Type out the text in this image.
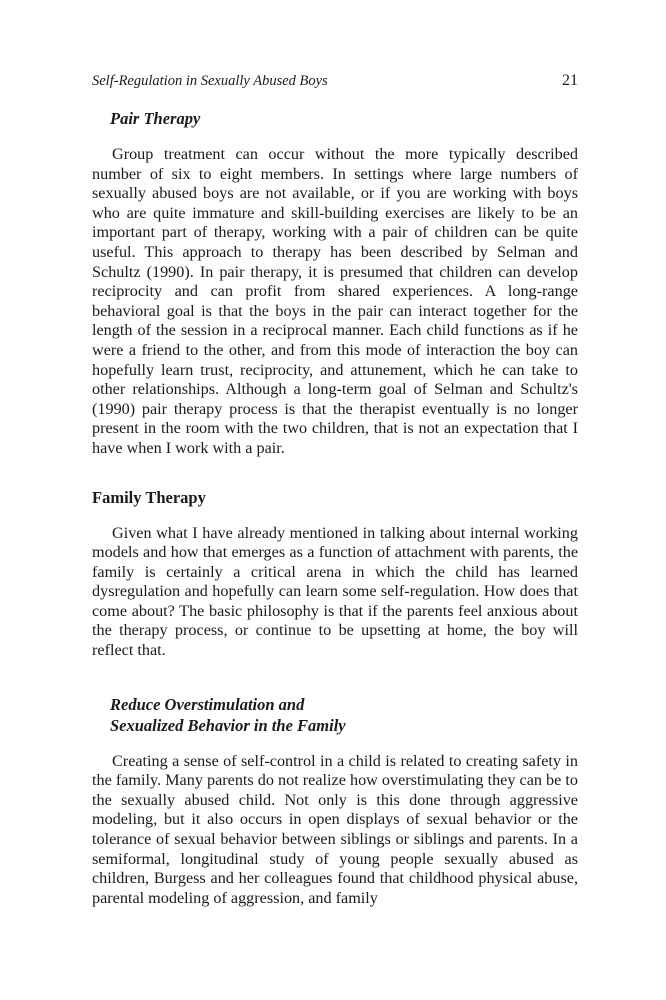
Self-Regulation in Sexually Abused Boys	21
Pair Therapy

Group treatment can occur without the more typically described number of six to eight members. In settings where large numbers of sexually abused boys are not available, or if you are working with boys who are quite immature and skill-building exercises are likely to be an important part of therapy, working with a pair of children can be quite useful. This approach to therapy has been described by Selman and Schultz (1990). In pair therapy, it is presumed that children can develop reciprocity and can profit from shared experiences. A long-range behavioral goal is that the boys in the pair can interact together for the length of the session in a reciprocal manner. Each child functions as if he were a friend to the other, and from this mode of interaction the boy can hopefully learn trust, reciprocity, and attunement, which he can take to other relationships. Although a long-term goal of Selman and Schultz's (1990) pair therapy process is that the therapist eventually is no longer present in the room with the two children, that is not an expectation that I have when I work with a pair.

Family Therapy

Given what I have already mentioned in talking about internal working models and how that emerges as a function of attachment with parents, the family is certainly a critical arena in which the child has learned dysregulation and hopefully can learn some self-regulation. How does that come about? The basic philosophy is that if the parents feel anxious about the therapy process, or continue to be upsetting at home, the boy will reflect that.

Reduce Overstimulation and
Sexualized Behavior in the Family

Creating a sense of self-control in a child is related to creating safety in the family. Many parents do not realize how overstimulating they can be to the sexually abused child. Not only is this done through aggressive modeling, but it also occurs in open displays of sexual behavior or the tolerance of sexual behavior between siblings or siblings and parents. In a semiformal, longitudinal study of young people sexually abused as children, Burgess and her colleagues found that childhood physical abuse, parental modeling of aggression, and family
